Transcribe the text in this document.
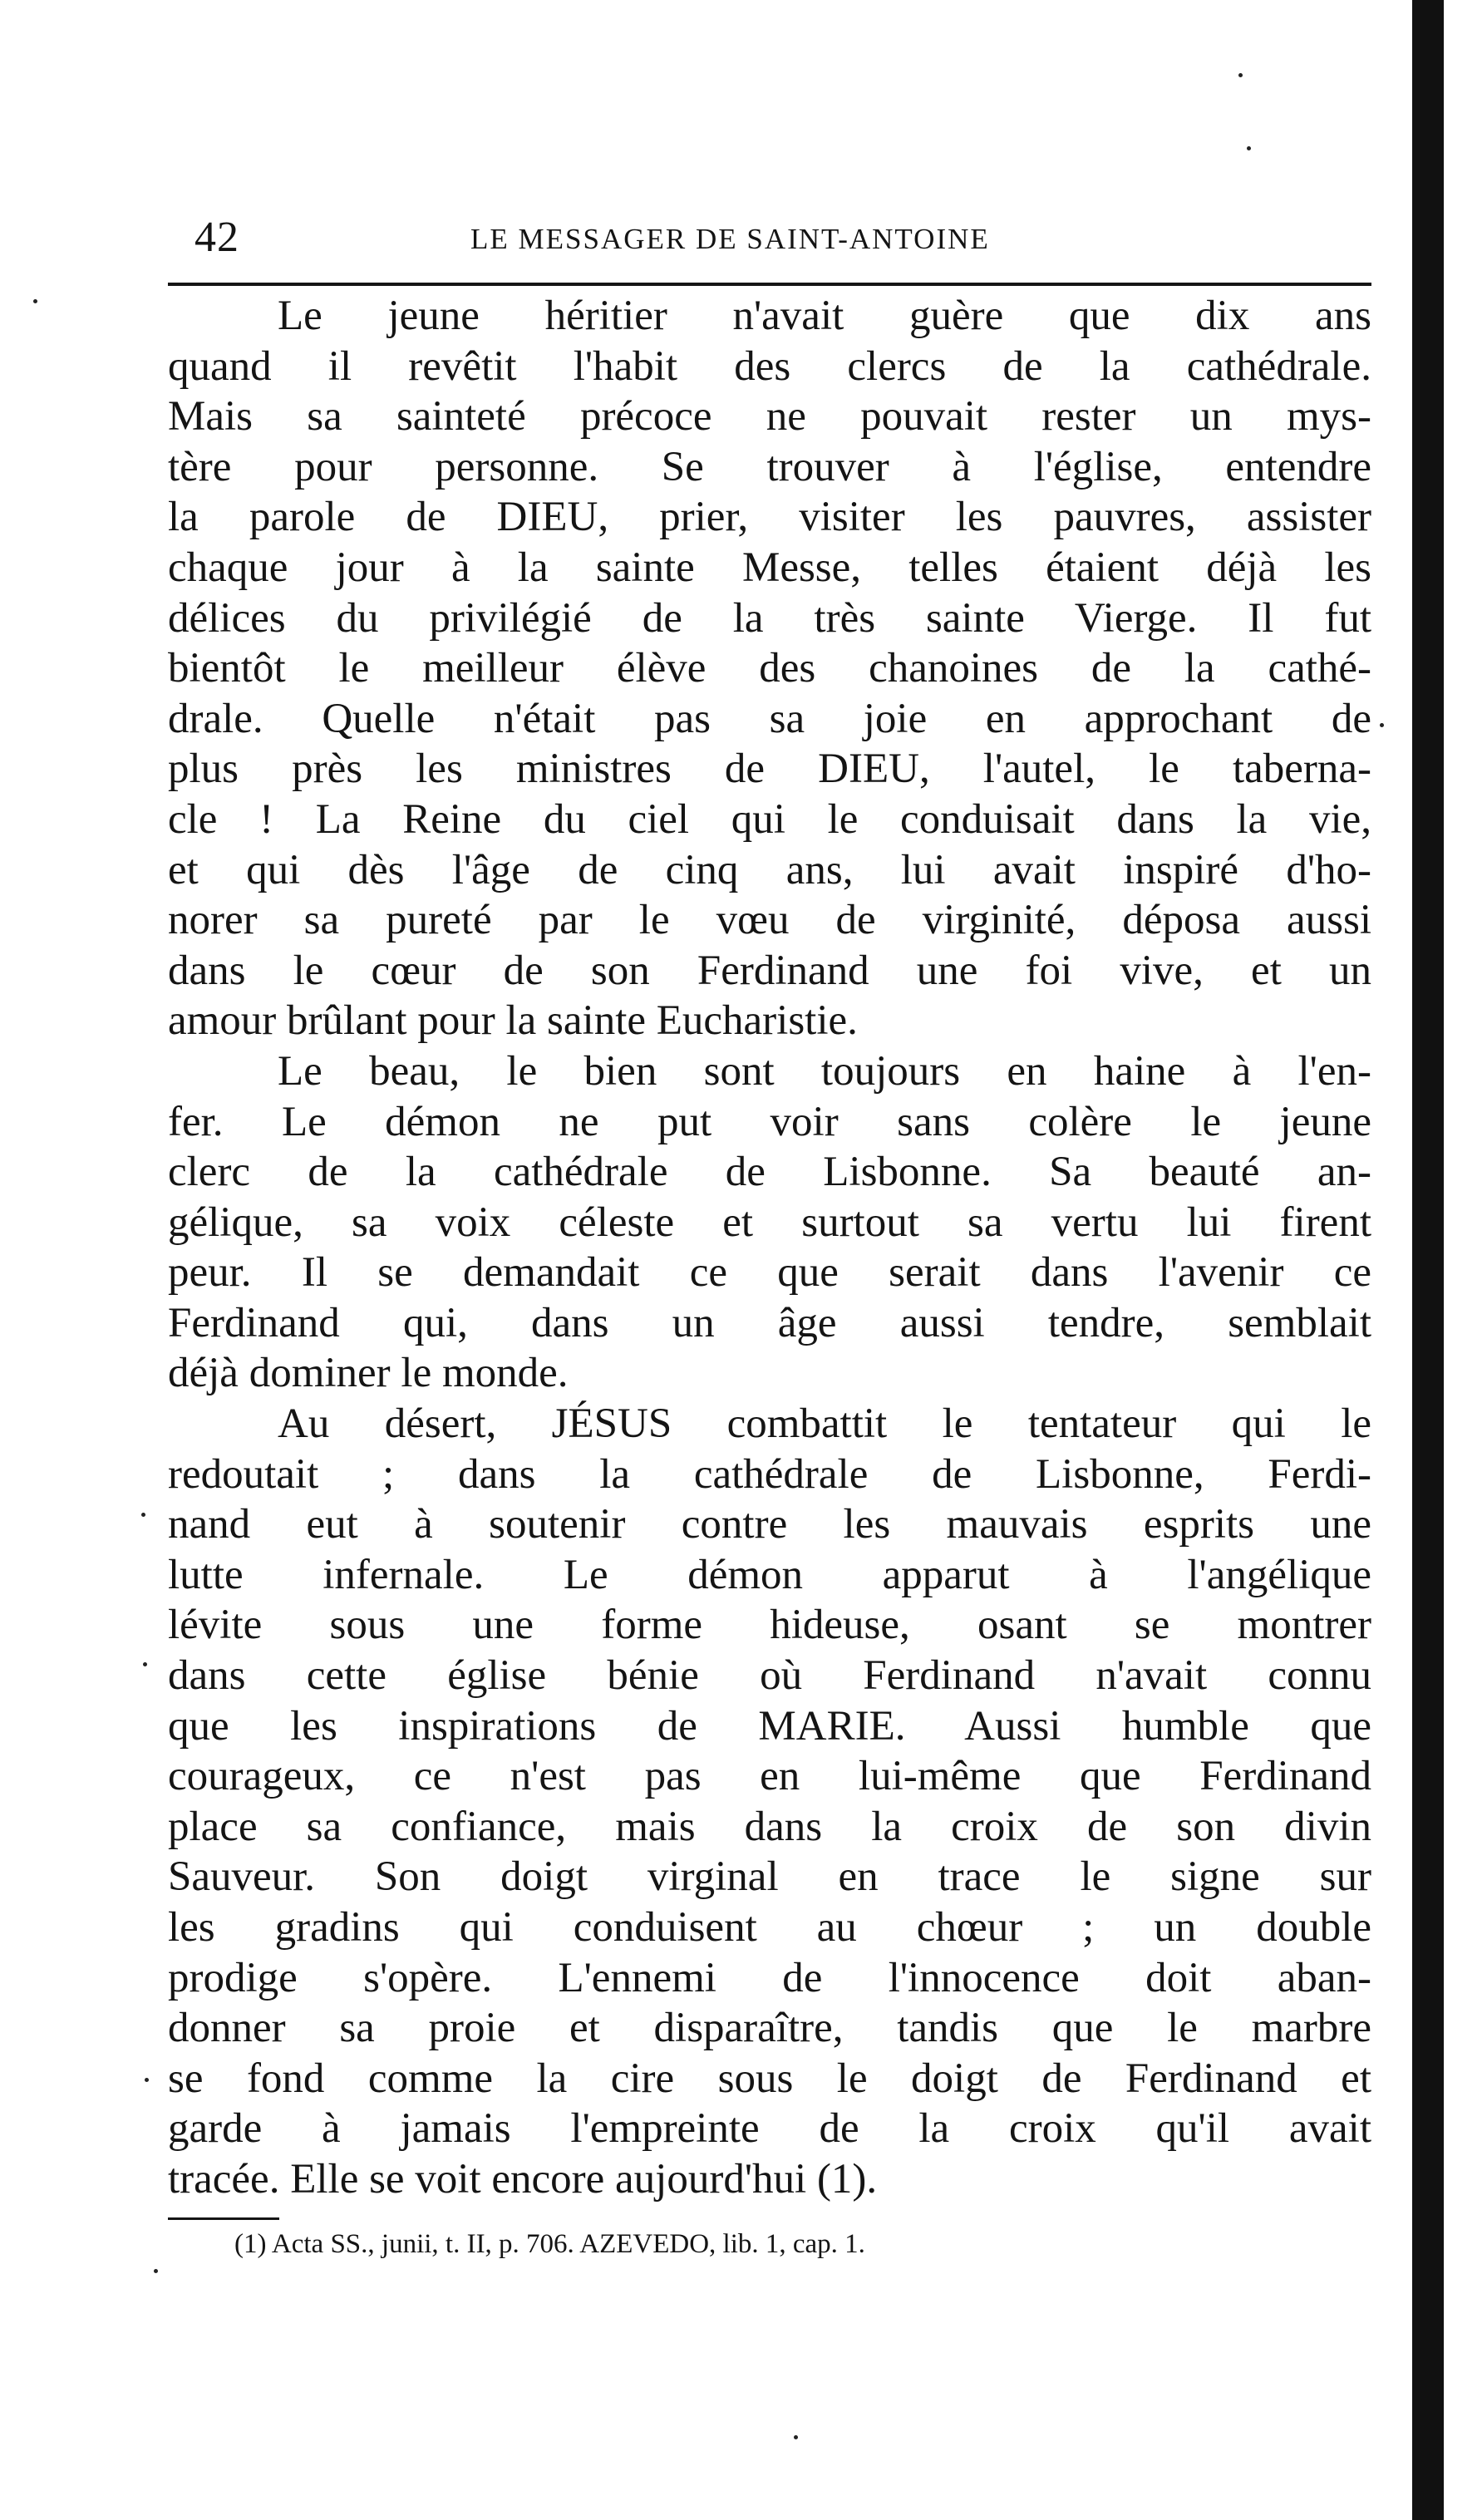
42	LE MESSAGER DE SAINT-ANTOINE
Le jeune héritier n'avait guère que dix ans
quand il revêtit l'habit des clercs de la cathédrale.
Mais sa sainteté précoce ne pouvait rester un mys-
tère pour personne. Se trouver à l'église, entendre
la parole de DIEU, prier, visiter les pauvres, assister
chaque jour à la sainte Messe, telles étaient déjà les
délices du privilégié de la très sainte Vierge. Il fut
bientôt le meilleur élève des chanoines de la cathé-
drale. Quelle n'était pas sa joie en approchant de
plus près les ministres de DIEU, l'autel, le taberna-
cle ! La Reine du ciel qui le conduisait dans la vie,
et qui dès l'âge de cinq ans, lui avait inspiré d'ho-
norer sa pureté par le vœu de virginité, déposa aussi
dans le cœur de son Ferdinand une foi vive, et un
amour brûlant pour la sainte Eucharistie.
Le beau, le bien sont toujours en haine à l'en-
fer. Le démon ne put voir sans colère le jeune
clerc de la cathédrale de Lisbonne. Sa beauté an-
gélique, sa voix céleste et surtout sa vertu lui firent
peur. Il se demandait ce que serait dans l'avenir ce
Ferdinand qui, dans un âge aussi tendre, semblait
déjà dominer le monde.
Au désert, JÉSUS combattit le tentateur qui le
redoutait ; dans la cathédrale de Lisbonne, Ferdi-
nand eut à soutenir contre les mauvais esprits une
lutte infernale. Le démon apparut à l'angélique
lévite sous une forme hideuse, osant se montrer
dans cette église bénie où Ferdinand n'avait connu
que les inspirations de MARIE. Aussi humble que
courageux, ce n'est pas en lui-même que Ferdinand
place sa confiance, mais dans la croix de son divin
Sauveur. Son doigt virginal en trace le signe sur
les gradins qui conduisent au chœur ; un double
prodige s'opère. L'ennemi de l'innocence doit aban-
donner sa proie et disparaître, tandis que le marbre
se fond comme la cire sous le doigt de Ferdinand et
garde à jamais l'empreinte de la croix qu'il avait
tracée. Elle se voit encore aujourd'hui (1).
(1) Acta SS., junii, t. II, p. 706. AZEVEDO, lib. 1, cap. 1.
